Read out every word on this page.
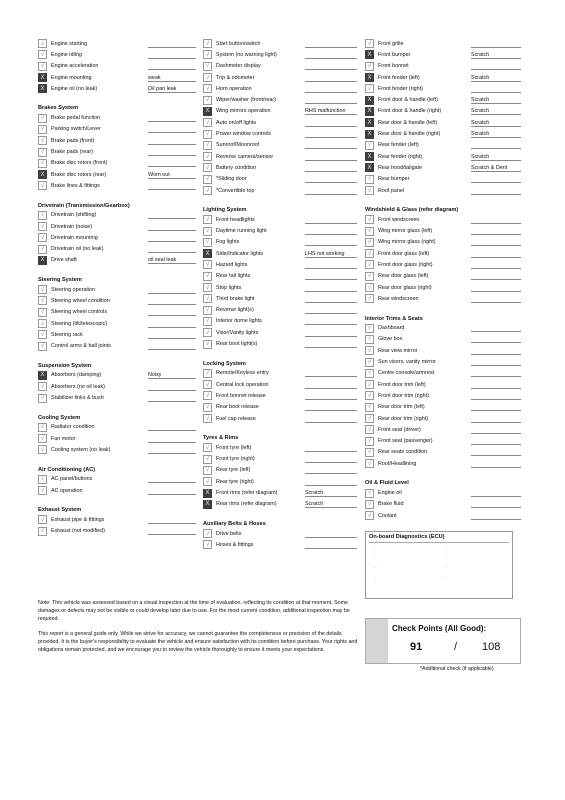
√	Engine starting
√	Engine idling
√	Engine acceleration
X	Engine mounting	weak
X	Engine oil (no leak)	Oil pan leak
Brakes System
√	Brake pedal function
√	Parking switch/Lever
√	Brake pads (front)
√	Brake pads (rear)
√	Brake disc rotors (front)
X	Brake disc rotors (rear)	Worn out
√	Brake lines & fittings
Drivetrain (Transmission/Gearbox)
√	Drivetrain (shifting)
√	Drivetrain (noise)
√	Drivetrain mounting
√	Drivetrain oil (no leak)
X	Drive shaft	oil seal leak
Steering System
√	Steering operation
√	Steering wheel condition
√	Steering wheel controls
√	Steering (tilt/telescopic)
√	Steering rack
√	Control arms & ball joints
Suspension System
X	Absorbers (damping)	Noisy
√	Absorbers (no oil leak)
√	Stabilizer links & bush
Cooling System
√	Radiator condition
√	Fan motor
√	Cooling system (no leak)
Air Conditioning (AC)
√	AC panel/buttons
√	AC operation
Exhaust System
√	Exhaust pipe & fittings
√	Exhaust (not modified)
√	Start button/switch
√	System (no warning light)
√	Dashmeter display
√	Trip & odometer
√	Horn operation
√	Wiper/washer (front/rear)
X	Wing mirrors operation	RHS malfunction
√	Auto on/off lights
√	Power window controls
√	Sunroof/Moonroof
√	Reverse camera/sensor
√	Battery condition
√	*Sliding door
√	*Convertible top
Lighting System
√	Front headlights
√	Daytime running light
√	Fog lights
X	Side/Indicator lights	LHS not working
√	Hazard lights
√	Rear tail lights
√	Stop lights
√	Third brake light
√	Reverse light(s)
√	Interior dome lights
√	Visor/Vanity lights
√	Rear boot light(s)
Locking System
√	Remote/Keyless entry
√	Central lock operation
√	Front bonnet release
√	Rear boot release
√	Fuel cap release
Tyres & Rims
√	Front tyre (left)
√	Front tyre (right)
√	Rear tyre (left)
√	Rear tyre (right)
X	Front rims (refer diagram)	Scratch
X	Rear rims (refer diagram)	Scratch
Auxiliary Belts & Hoses
√	Drive belts
√	Hoses & fittings
√	Front grille
X	Front bumper	Scratch
√	Front bonnet
X	Front fender (left)	Scratch
√	Front fender (right)
X	Front door & handle (left)	Scratch
X	Front door & handle (right)	Scratch
X	Rear door & handle (left)	Scratch
X	Rear door & handle (right)	Scratch
√	Rear fender (left)
X	Rear fender (right)	Scratch
X	Rear hood/tailgate	Scratch & Dent
√	Rear bumper
√	Roof panel
Windshield & Glass (refer diagram)
√	Front windscreen
√	Wing mirror glass (left)
√	Wing mirror glass (right)
√	Front door glass (left)
√	Front door glass (right)
√	Rear door glass (left)
√	Rear door glass (right)
√	Rear windscreen
Interior Trims & Seats
√	Dashboard
√	Glove box
√	Rear view mirror
√	Sun visors, vanity mirror
√	Centre console/armrest
√	Front door trim (left)
√	Front door trim (right)
√	Rear door trim (left)
√	Rear door trim (right)
√	Front seat (driver)
√	Front seat (passenger)
√	Rear seats condition
√	Roof/Headlining
Oil & Fluid Level
√	Engine oil
√	Brake fluid
√	Coolant
On-board Diagnostics (ECU)
-	-
-	-
-	-
-	-

Note: This vehicle was assessed based on a visual inspection at the time of evaluation, reflecting its condition at that moment. Some damages or defects may not be visible or could develop later due to use. For the most current condition, additional inspection may be required.

This report is a general guide only. While we strive for accuracy, we cannot guarantee the completeness or precision of the details provided. It is the buyer's responsibility to evaluate the vehicle and ensure satisfaction with its condition before purchase. Your rights and obligations remain protected, and we encourage you to review the vehicle thoroughly to ensure it meets your expectations.

Check Points (All Good):
91	/ 108
*Additional check (if applicable)
